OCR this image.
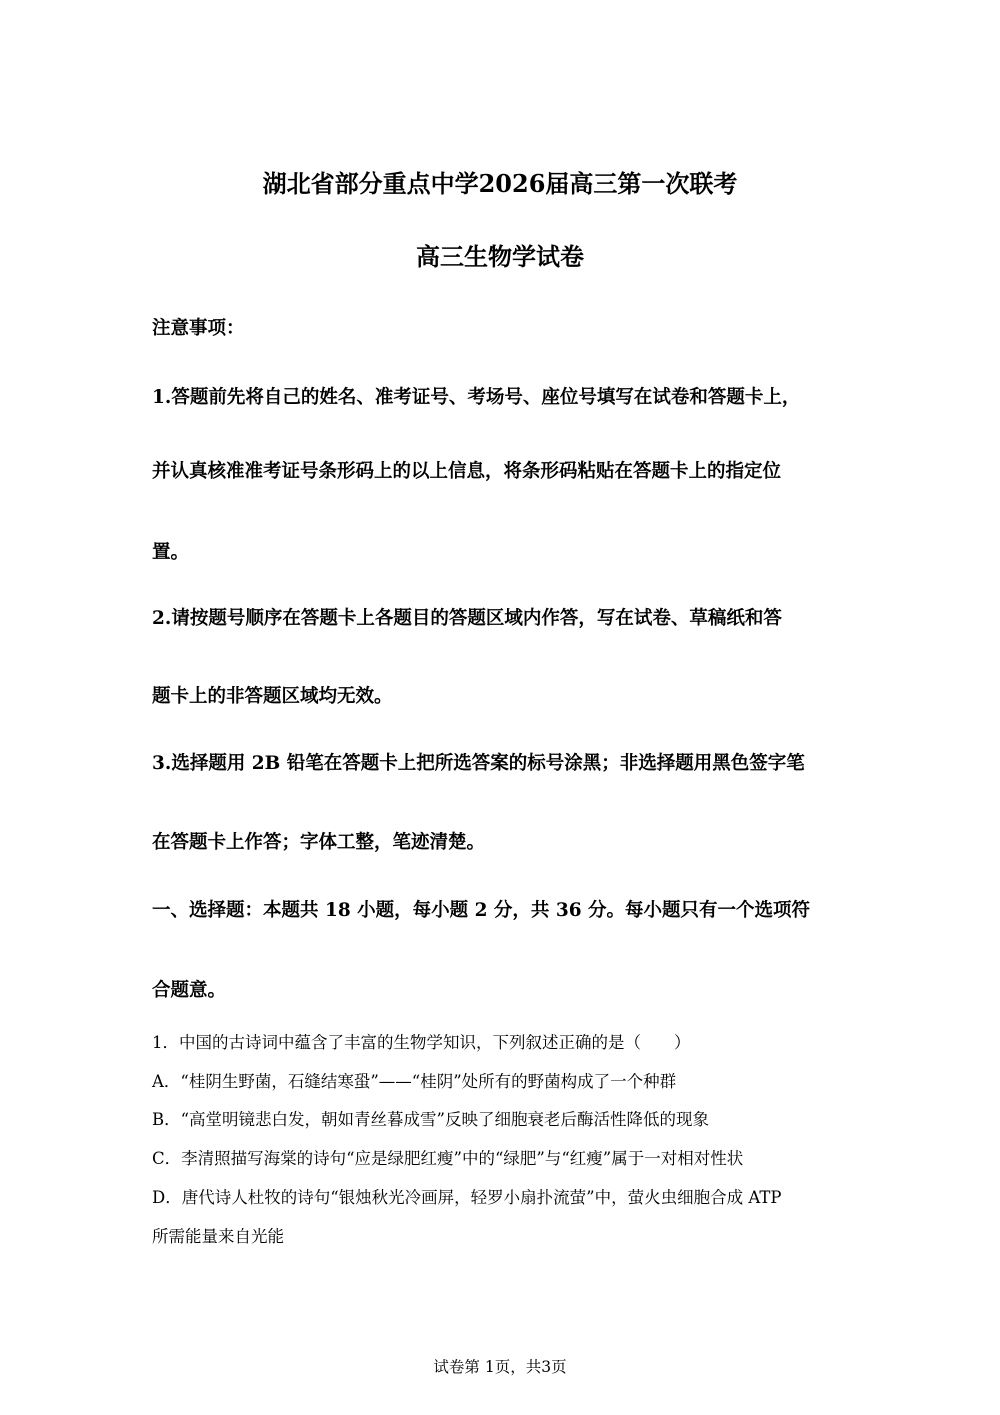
湖北省部分重点中学2026届高三第一次联考
高三生物学试卷

注意事项：

1.答题前先将自己的姓名、准考证号、考场号、座位号填写在试卷和答题卡上，

并认真核准准考证号条形码上的以上信息，将条形码粘贴在答题卡上的指定位

置。

2.请按题号顺序在答题卡上各题目的答题区域内作答，写在试卷、草稿纸和答

题卡上的非答题区域均无效。

3.选择题用 2B 铅笔在答题卡上把所选答案的标号涂黑；非选择题用黑色签字笔

在答题卡上作答；字体工整，笔迹清楚。

一、选择题：本题共 18 小题，每小题 2 分，共 36 分。每小题只有一个选项符

合题意。

1．中国的古诗词中蕴含了丰富的生物学知识，下列叙述正确的是（　　）

A．“桂阴生野菌，石缝结寒蛩”——“桂阴”处所有的野菌构成了一个种群

B．“高堂明镜悲白发，朝如青丝暮成雪”反映了细胞衰老后酶活性降低的现象

C．李清照描写海棠的诗句“应是绿肥红瘦”中的“绿肥”与“红瘦”属于一对相对性状

D．唐代诗人杜牧的诗句“银烛秋光冷画屏，轻罗小扇扑流萤”中，萤火虫细胞合成 ATP

所需能量来自光能

试卷第 1页，共3页
